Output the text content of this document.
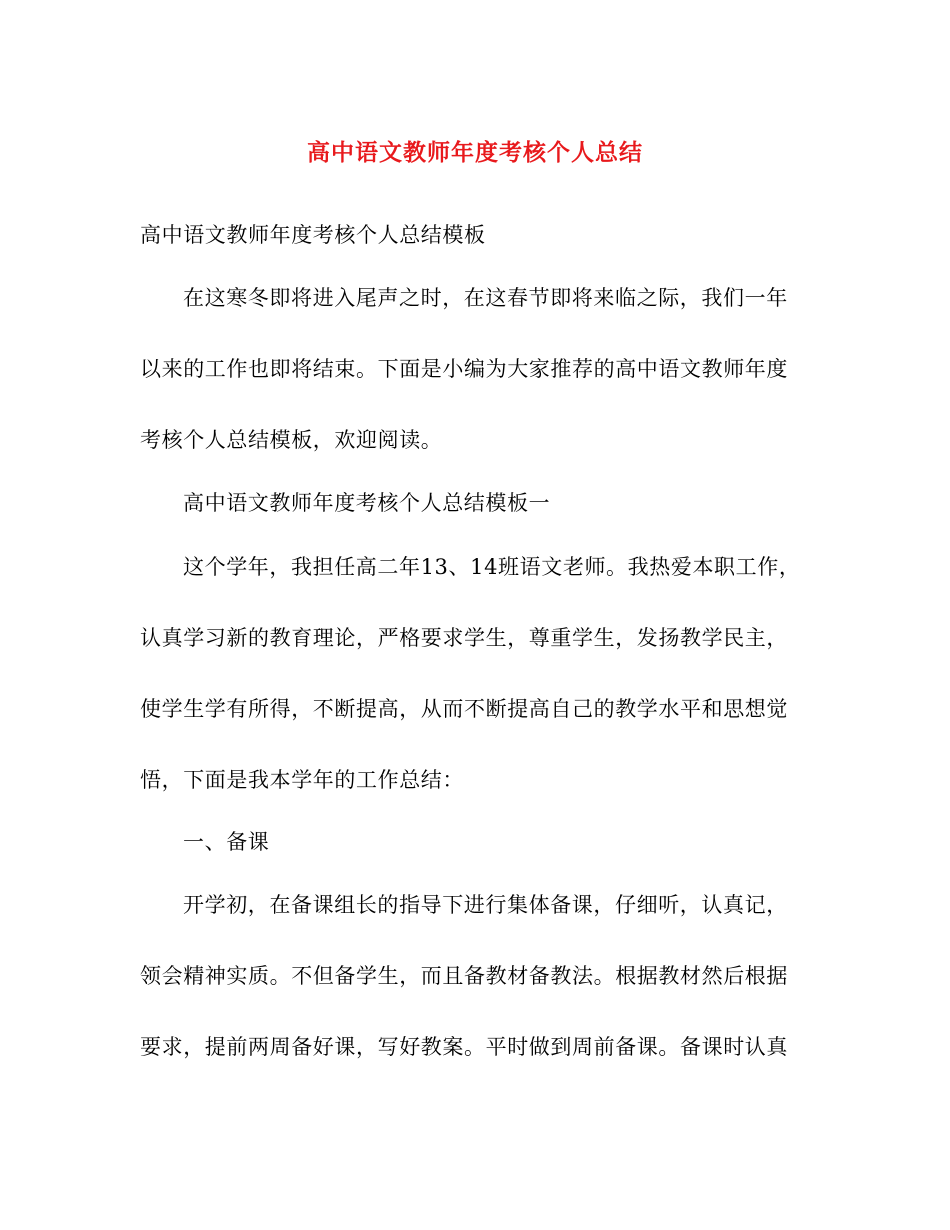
高中语文教师年度考核个人总结
高中语文教师年度考核个人总结模板
在这寒冬即将进入尾声之时，在这春节即将来临之际，我们一年
以来的工作也即将结束。下面是小编为大家推荐的高中语文教师年度
考核个人总结模板，欢迎阅读。
高中语文教师年度考核个人总结模板一
这个学年，我担任高二年13、14班语文老师。我热爱本职工作，
认真学习新的教育理论，严格要求学生，尊重学生，发扬教学民主，
使学生学有所得，不断提高，从而不断提高自己的教学水平和思想觉
悟，下面是我本学年的工作总结：
一、备课
开学初，在备课组长的指导下进行集体备课，仔细听，认真记，
领会精神实质。不但备学生，而且备教材备教法。根据教材然后根据
要求，提前两周备好课，写好教案。平时做到周前备课。备课时认真
